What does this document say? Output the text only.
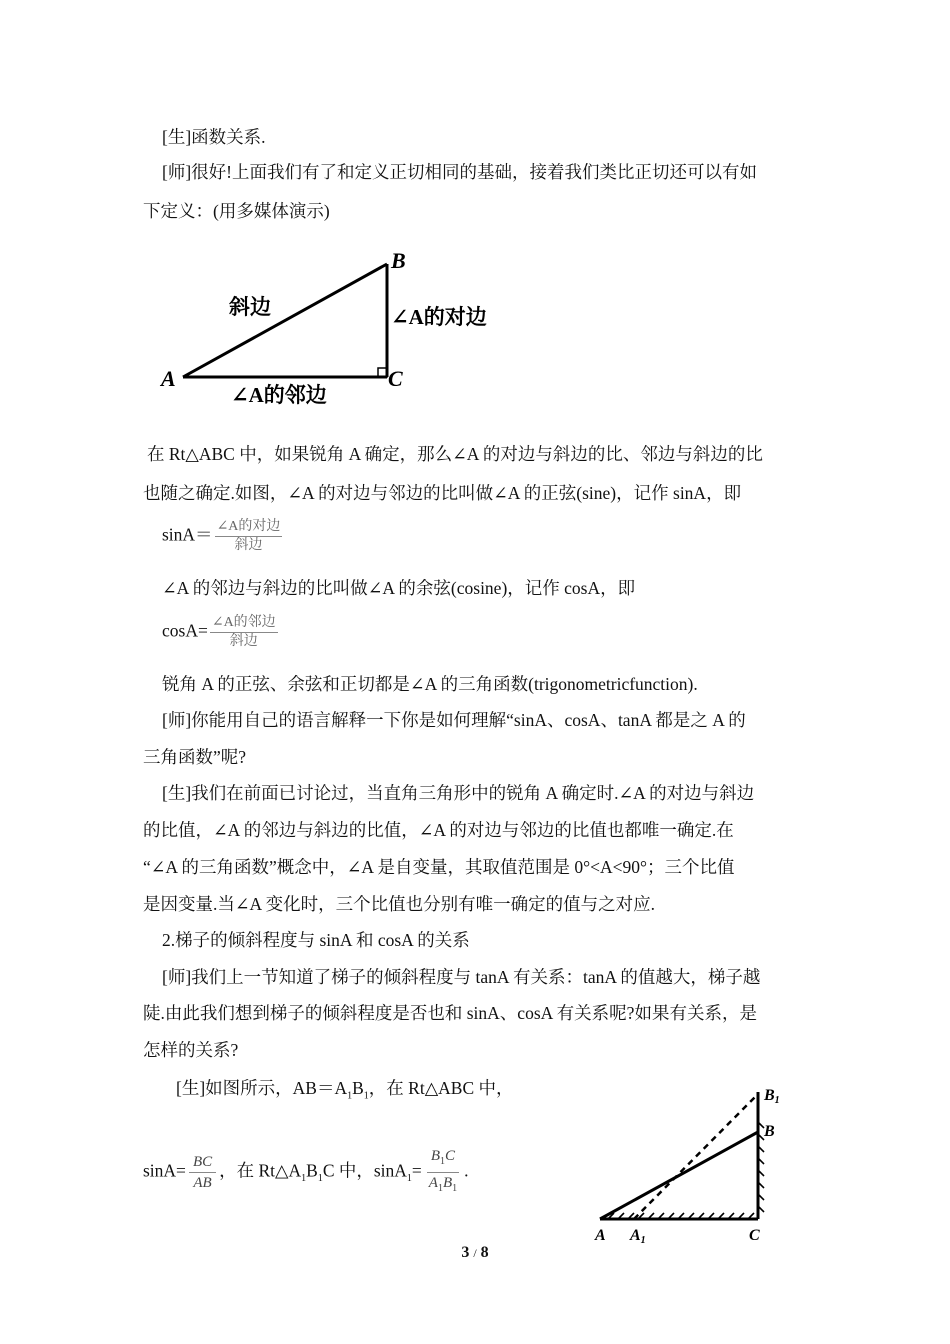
[生]函数关系.
[师]很好!上面我们有了和定义正切相同的基础，接着我们类比正切还可以有如
下定义：(用多媒体演示)
A
B
C
斜边	∠A的对边
∠A的邻边
在 Rt△ABC 中，如果锐角 A 确定，那么∠A 的对边与斜边的比、邻边与斜边的比
也随之确定.如图，∠A 的对边与邻边的比叫做∠A 的正弦(sine)，记作 sinA，即
$\sin A= \frac{\text{∠A的对边}}{\text{斜边}}$
∠A 的邻边与斜边的比叫做∠A 的余弦(cosine)，记作 cosA，即
$\cos A= \frac{\text{∠A的邻边}}{\text{斜边}}$
锐角 A 的正弦、余弦和正切都是∠A 的三角函数(trigonometricfunction).
[师]你能用自己的语言解释一下你是如何理解“sinA、cosA、tanA 都是之 A 的
三角函数”呢?
[生]我们在前面已讨论过，当直角三角形中的锐角 A 确定时.∠A 的对边与斜边
的比值，∠A 的邻边与斜边的比值，∠A 的对边与邻边的比值也都唯一确定.在
“∠A 的三角函数”概念中，∠A 是自变量，其取值范围是 0°<A<90°；三个比值
是因变量.当∠A 变化时，三个比值也分别有唯一确定的值与之对应.
2.梯子的倾斜程度与 sinA 和 cosA 的关系
[师]我们上一节知道了梯子的倾斜程度与 tanA 有关系：tanA 的值越大，梯子越
陡.由此我们想到梯子的倾斜程度是否也和 sinA、cosA 有关系呢?如果有关系，是
怎样的关系?
[生]如图所示，$AB=A_1B_1$，在 Rt△ABC 中，
$\sin A= \frac{BC}{AB}$ ，在 $Rt\triangle A_1B_1C$ 中，$\sin A_1= \frac{B_1C}{A_1B_1}$ .
A A1	C
B
B1
3 / 8
